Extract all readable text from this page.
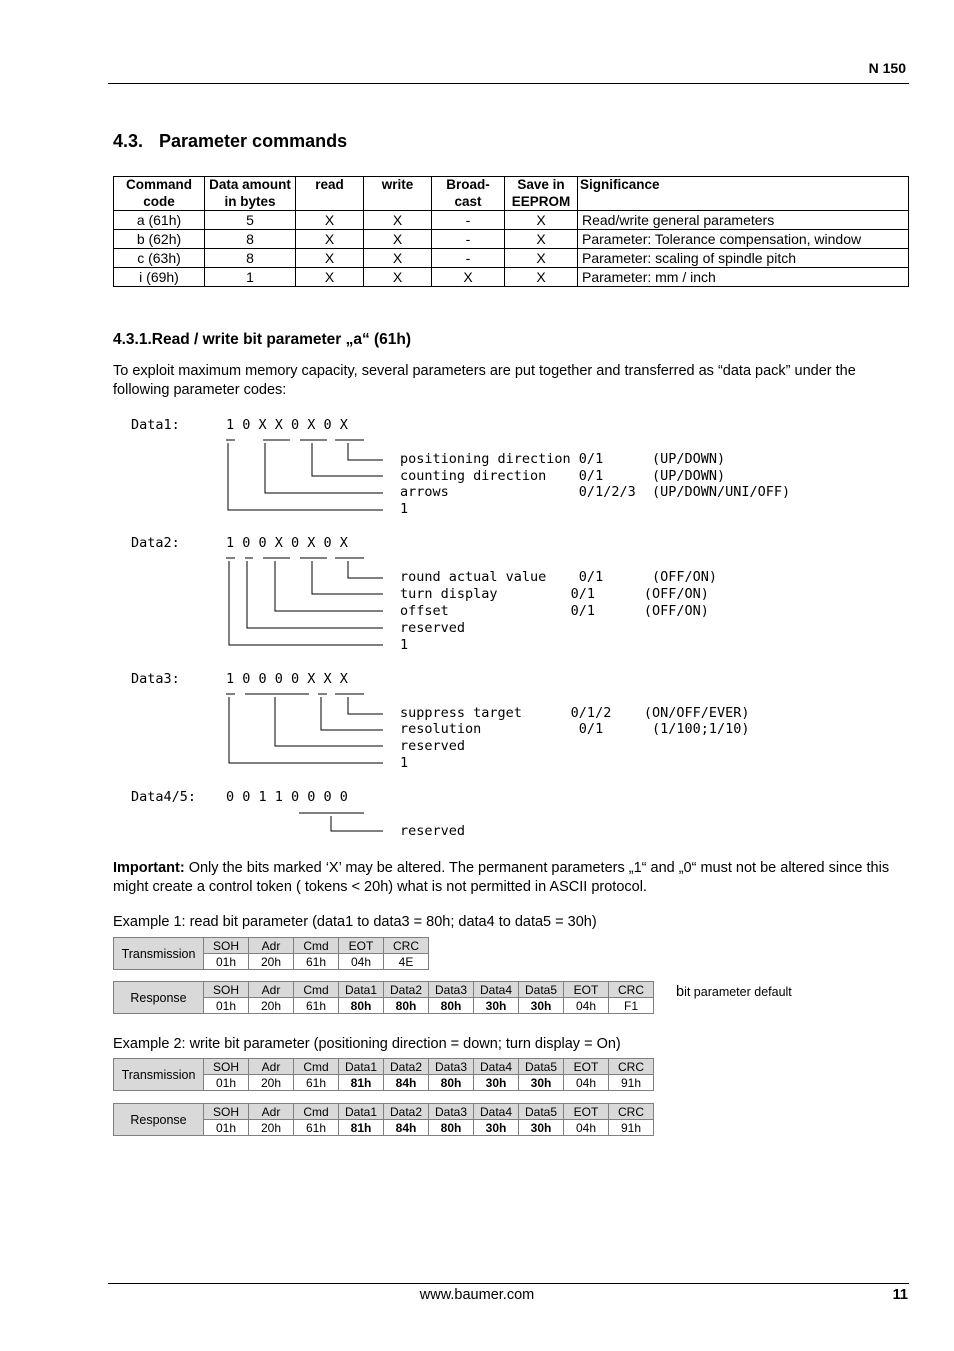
N 150
4.3. Parameter commands
Command code	Data amount in bytes	read	write	Broad- cast	Save in EEPROM	Significance
a (61h)	5	X	X	-	X	Read/write general parameters
b (62h)	8	X	X	-	X	Parameter: Tolerance compensation, window
c (63h)	8	X	X	-	X	Parameter: scaling of spindle pitch
i (69h)	1	X	X	X	X	Parameter: mm / inch
4.3.1.Read / write bit parameter „a“ (61h)
To exploit maximum memory capacity, several parameters are put together and transferred as “data pack” under the following parameter codes:
Data1:	1 0 X X 0 X 0 X
positioning direction 0/1      (UP/DOWN)
counting direction    0/1      (UP/DOWN)
arrows                0/1/2/3  (UP/DOWN/UNI/OFF)
1
Data2:	1 0 0 X 0 X 0 X
round actual value    0/1      (OFF/ON)
turn display         0/1      (OFF/ON)
offset               0/1      (OFF/ON)
reserved
1
Data3:	1 0 0 0 0 X X X
suppress target      0/1/2    (ON/OFF/EVER)
resolution            0/1      (1/100;1/10)
reserved
1
Data4/5: 0 0 1 1 0 0 0 0
reserved
Important: Only the bits marked ‘X’ may be altered. The permanent parameters „1“ and „0“ must not be altered since this might create a control token ( tokens < 20h) what is not permitted in ASCII protocol.
Example 1: read bit parameter (data1 to data3 = 80h; data4 to data5 = 30h)
Transmission	SOH	Adr	Cmd	EOT	CRC
	01h	20h	61h	04h	4E
Response	SOH	Adr	Cmd	Data1	Data2	Data3	Data4	Data5	EOT	CRC
	01h	20h	61h	80h	80h	80h	30h	30h	04h	F1
bit parameter default
Example 2: write bit parameter (positioning direction = down; turn display = On)
Transmission	SOH	Adr	Cmd	Data1	Data2	Data3	Data4	Data5	EOT	CRC
	01h	20h	61h	81h	84h	80h	30h	30h	04h	91h
Response	SOH	Adr	Cmd	Data1	Data2	Data3	Data4	Data5	EOT	CRC
	01h	20h	61h	81h	84h	80h	30h	30h	04h	91h
www.baumer.com	11
